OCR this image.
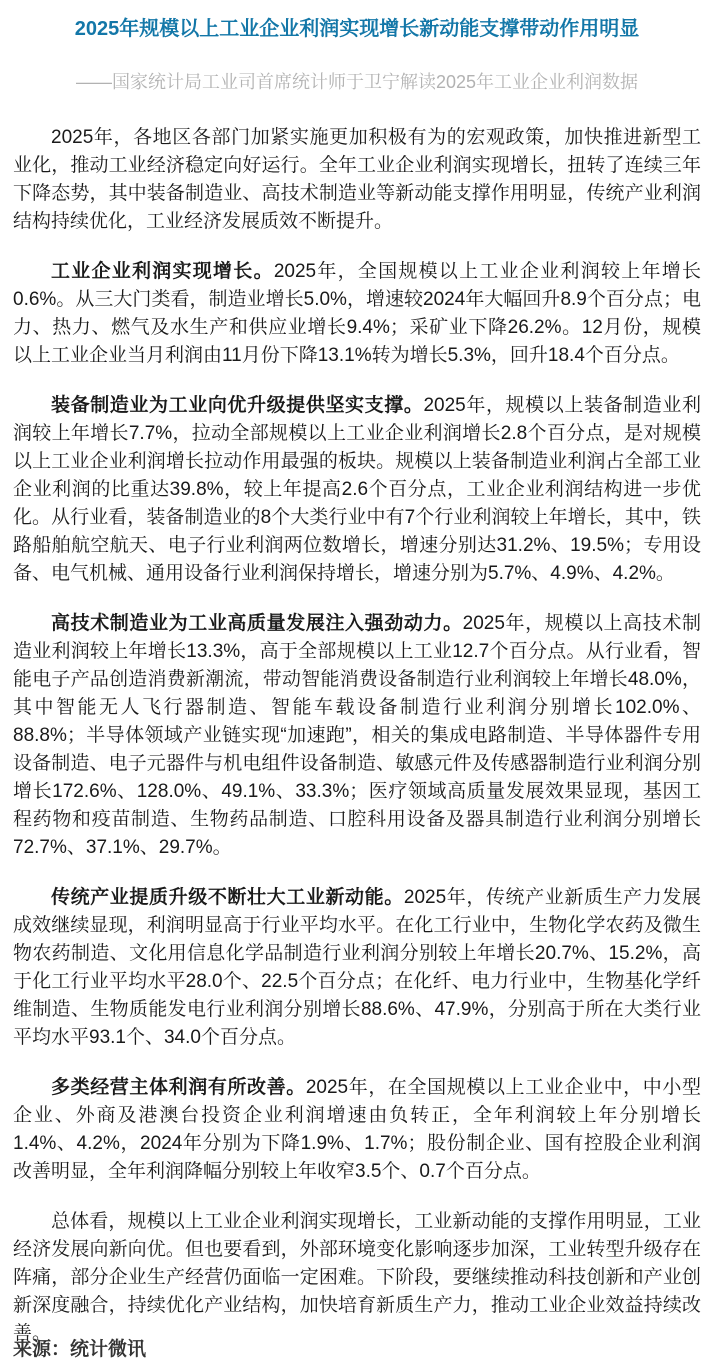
2025年规模以上工业企业利润实现增长新动能支撑带动作用明显
——国家统计局工业司首席统计师于卫宁解读2025年工业企业利润数据

2025年，各地区各部门加紧实施更加积极有为的宏观政策，加快推进新型工业化，推动工业经济稳定向好运行。全年工业企业利润实现增长，扭转了连续三年下降态势，其中装备制造业、高技术制造业等新动能支撑作用明显，传统产业利润结构持续优化，工业经济发展质效不断提升。

工业企业利润实现增长。2025年，全国规模以上工业企业利润较上年增长0.6%。从三大门类看，制造业增长5.0%，增速较2024年大幅回升8.9个百分点；电力、热力、燃气及水生产和供应业增长9.4%；采矿业下降26.2%。12月份，规模以上工业企业当月利润由11月份下降13.1%转为增长5.3%，回升18.4个百分点。

装备制造业为工业向优升级提供坚实支撑。2025年，规模以上装备制造业利润较上年增长7.7%，拉动全部规模以上工业企业利润增长2.8个百分点，是对规模以上工业企业利润增长拉动作用最强的板块。规模以上装备制造业利润占全部工业企业利润的比重达39.8%，较上年提高2.6个百分点，工业企业利润结构进一步优化。从行业看，装备制造业的8个大类行业中有7个行业利润较上年增长，其中，铁路船舶航空航天、电子行业利润两位数增长，增速分别达31.2%、19.5%；专用设备、电气机械、通用设备行业利润保持增长，增速分别为5.7%、4.9%、4.2%。

高技术制造业为工业高质量发展注入强劲动力。2025年，规模以上高技术制造业利润较上年增长13.3%，高于全部规模以上工业12.7个百分点。从行业看，智能电子产品创造消费新潮流，带动智能消费设备制造行业利润较上年增长48.0%，其中智能无人飞行器制造、智能车载设备制造行业利润分别增长102.0%、88.8%；半导体领域产业链实现“加速跑”，相关的集成电路制造、半导体器件专用设备制造、电子元器件与机电组件设备制造、敏感元件及传感器制造行业利润分别增长172.6%、128.0%、49.1%、33.3%；医疗领域高质量发展效果显现，基因工程药物和疫苗制造、生物药品制造、口腔科用设备及器具制造行业利润分别增长72.7%、37.1%、29.7%。

传统产业提质升级不断壮大工业新动能。2025年，传统产业新质生产力发展成效继续显现，利润明显高于行业平均水平。在化工行业中，生物化学农药及微生物农药制造、文化用信息化学品制造行业利润分别较上年增长20.7%、15.2%，高于化工行业平均水平28.0个、22.5个百分点；在化纤、电力行业中，生物基化学纤维制造、生物质能发电行业利润分别增长88.6%、47.9%，分别高于所在大类行业平均水平93.1个、34.0个百分点。

多类经营主体利润有所改善。2025年，在全国规模以上工业企业中，中小型企业、外商及港澳台投资企业利润增速由负转正，全年利润较上年分别增长1.4%、4.2%，2024年分别为下降1.9%、1.7%；股份制企业、国有控股企业利润改善明显，全年利润降幅分别较上年收窄3.5个、0.7个百分点。

总体看，规模以上工业企业利润实现增长，工业新动能的支撑作用明显，工业经济发展向新向优。但也要看到，外部环境变化影响逐步加深，工业转型升级存在阵痛，部分企业生产经营仍面临一定困难。下阶段，要继续推动科技创新和产业创新深度融合，持续优化产业结构，加快培育新质生产力，推动工业企业效益持续改善。

来源：统计微讯
